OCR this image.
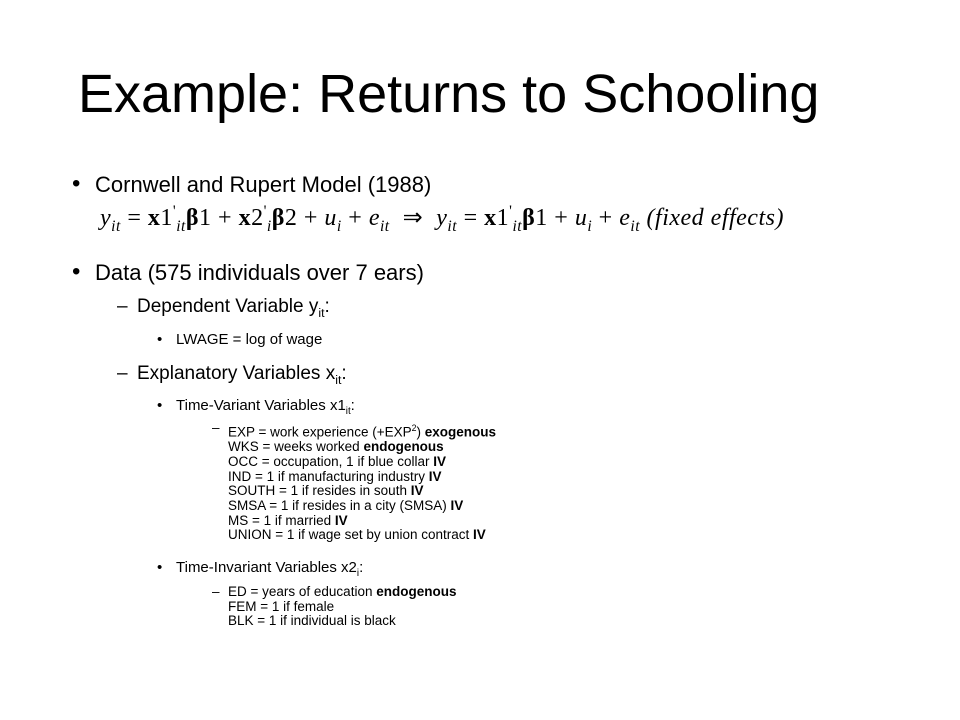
Example: Returns to Schooling
• Cornwell and Rupert Model (1988)
$y_{it} = x1'_{it}\beta 1 + x2'_i\beta 2 + u_i + e_{it}$ ⇒ $y_{it} = x1'_{it}\beta 1 + u_i + e_{it}$ (fixed effects)
• Data (575 individuals over 7 ears)
– Dependent Variable $y_{it}$:
• LWAGE = log of wage
– Explanatory Variables $x_{it}$:
• Time-Variant Variables $x1_{it}$:
– EXP = work experience $(+EXP^2)$ exogenous
WKS = weeks worked endogenous
OCC = occupation, 1 if blue collar IV
IND = 1 if manufacturing industry IV
SOUTH = 1 if resides in south IV
SMSA = 1 if resides in a city (SMSA) IV
MS = 1 if married IV
UNION = 1 if wage set by union contract IV
• Time-Invariant Variables $x2_i$:
– ED = years of education endogenous
FEM = 1 if female
BLK = 1 if individual is black
